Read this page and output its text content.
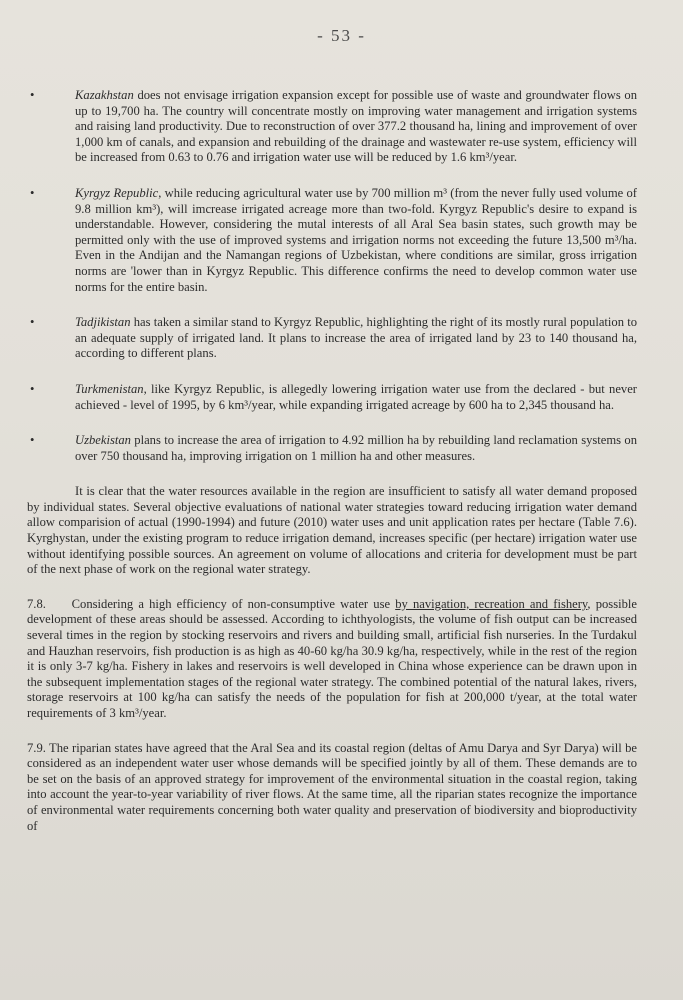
- 53 -
•	Kazakhstan does not envisage irrigation expansion except for possible use of waste and groundwater flows on up to 19,700 ha. The country will concentrate mostly on improving water management and irrigation systems and raising land productivity. Due to reconstruction of over 377.2 thousand ha, lining and improvement of over 1,000 km of canals, and expansion and rebuilding of the drainage and wastewater re-use system, efficiency will be increased from 0.63 to 0.76 and irrigation water use will be reduced by 1.6 km³/year.
•	Kyrgyz Republic, while reducing agricultural water use by 700 million m³ (from the never fully used volume of 9.8 million km³), will imcrease irrigated acreage more than two-fold. Kyrgyz Republic's desire to expand is understandable. However, considering the mutal interests of all Aral Sea basin states, such growth may be permitted only with the use of improved systems and irrigation norms not exceeding the future 13,500 m³/ha. Even in the Andijan and the Namangan regions of Uzbekistan, where conditions are similar, gross irrigation norms are 'lower than in Kyrgyz Republic. This difference confirms the need to develop common water use norms for the entire basin.
•	Tadjikistan has taken a similar stand to Kyrgyz Republic, highlighting the right of its mostly rural population to an adequate supply of irrigated land. It plans to increase the area of irrigated land by 23 to 140 thousand ha, according to different plans.
•	Turkmenistan, like Kyrgyz Republic, is allegedly lowering irrigation water use from the declared - but never achieved - level of 1995, by 6 km³/year, while expanding irrigated acreage by 600 ha to 2,345 thousand ha.
•	Uzbekistan plans to increase the area of irrigation to 4.92 million ha by rebuilding land reclamation systems on over 750 thousand ha, improving irrigation on 1 million ha and other measures.

It is clear that the water resources available in the region are insufficient to satisfy all water demand proposed by individual states. Several objective evaluations of national water strategies toward reducing irrigation water demand allow comparision of actual (1990-1994) and future (2010) water uses and unit application rates per hectare (Table 7.6). Kyrghystan, under the existing program to reduce irrigation demand, increases specific (per hectare) irrigation water use without identifying possible sources. An agreement on volume of allocations and criteria for development must be part of the next phase of work on the regional water strategy.

7.8. Considering a high efficiency of non-consumptive water use by navigation, recreation and fishery, possible development of these areas should be assessed. According to ichthyologists, the volume of fish output can be increased several times in the region by stocking reservoirs and rivers and building small, artificial fish nurseries. In the Turdakul and Hauzhan reservoirs, fish production is as high as 40-60 kg/ha 30.9 kg/ha, respectively, while in the rest of the region it is only 3-7 kg/ha. Fishery in lakes and reservoirs is well developed in China whose experience can be drawn upon in the subsequent implementation stages of the regional water strategy. The combined potential of the natural lakes, rivers, storage reservoirs at 100 kg/ha can satisfy the needs of the population for fish at 200,000 t/year, at the total water requirements of 3 km³/year.

7.9. The riparian states have agreed that the Aral Sea and its coastal region (deltas of Amu Darya and Syr Darya) will be considered as an independent water user whose demands will be specified jointly by all of them. These demands are to be set on the basis of an approved strategy for improvement of the environmental situation in the coastal region, taking into account the year-to-year variability of river flows. At the same time, all the riparian states recognize the importance of environmental water requirements concerning both water quality and preservation of biodiversity and bioproductivity of
